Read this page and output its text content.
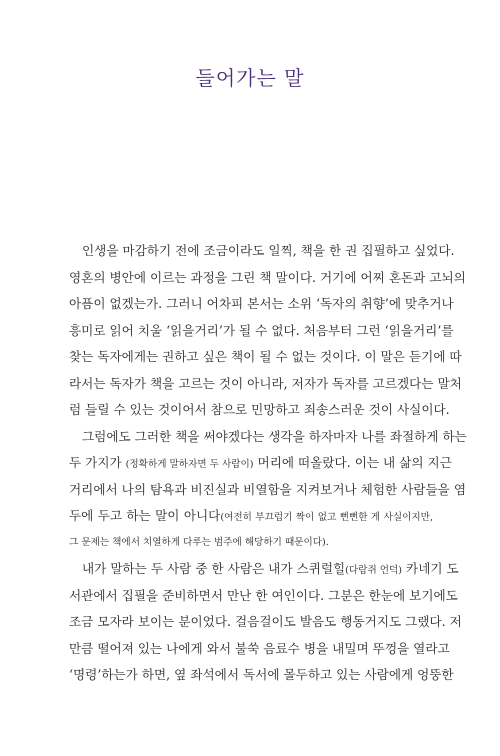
들어가는 말
인생을 마감하기 전에 조금이라도 일찍, 책을 한 권 집필하고 싶었다.
영혼의 병안에 이르는 과정을 그린 책 말이다. 거기에 어찌 혼돈과 고뇌의
아픔이 없겠는가. 그러니 어차피 본서는 소위 ‘독자의 취향’에 맞추거나
흥미로 읽어 치울 ‘읽을거리’가 될 수 없다. 처음부터 그런 ‘읽을거리’를
찾는 독자에게는 권하고 싶은 책이 될 수 없는 것이다. 이 말은 듣기에 따
라서는 독자가 책을 고르는 것이 아니라, 저자가 독자를 고르겠다는 말처
럼 들릴 수 있는 것이어서 참으로 민망하고 죄송스러운 것이 사실이다.
그럼에도 그러한 책을 써야겠다는 생각을 하자마자 나를 좌절하게 하는
두 가지가 (정확하게 말하자면 두 사람이) 머리에 떠올랐다. 이는 내 삶의 지근
거리에서 나의 탐욕과 비진실과 비열함을 지켜보거나 체험한 사람들을 염
두에 두고 하는 말이 아니다(여전히 부끄럽기 짝이 없고 뻔뻔한 게 사실이지만,
그 문제는 책에서 치열하게 다루는 범주에 해당하기 때문이다).
내가 말하는 두 사람 중 한 사람은 내가 스퀴럴힐(다람쥐 언덕) 카네기 도
서관에서 집필을 준비하면서 만난 한 여인이다. 그분은 한눈에 보기에도
조금 모자라 보이는 분이었다. 걸음걸이도 발음도 행동거지도 그랬다. 저
만큼 떨어져 있는 나에게 와서 불쑥 음료수 병을 내밀며 뚜껑을 열라고
‘명령’하는가 하면, 옆 좌석에서 독서에 몰두하고 있는 사람에게 엉뚱한
